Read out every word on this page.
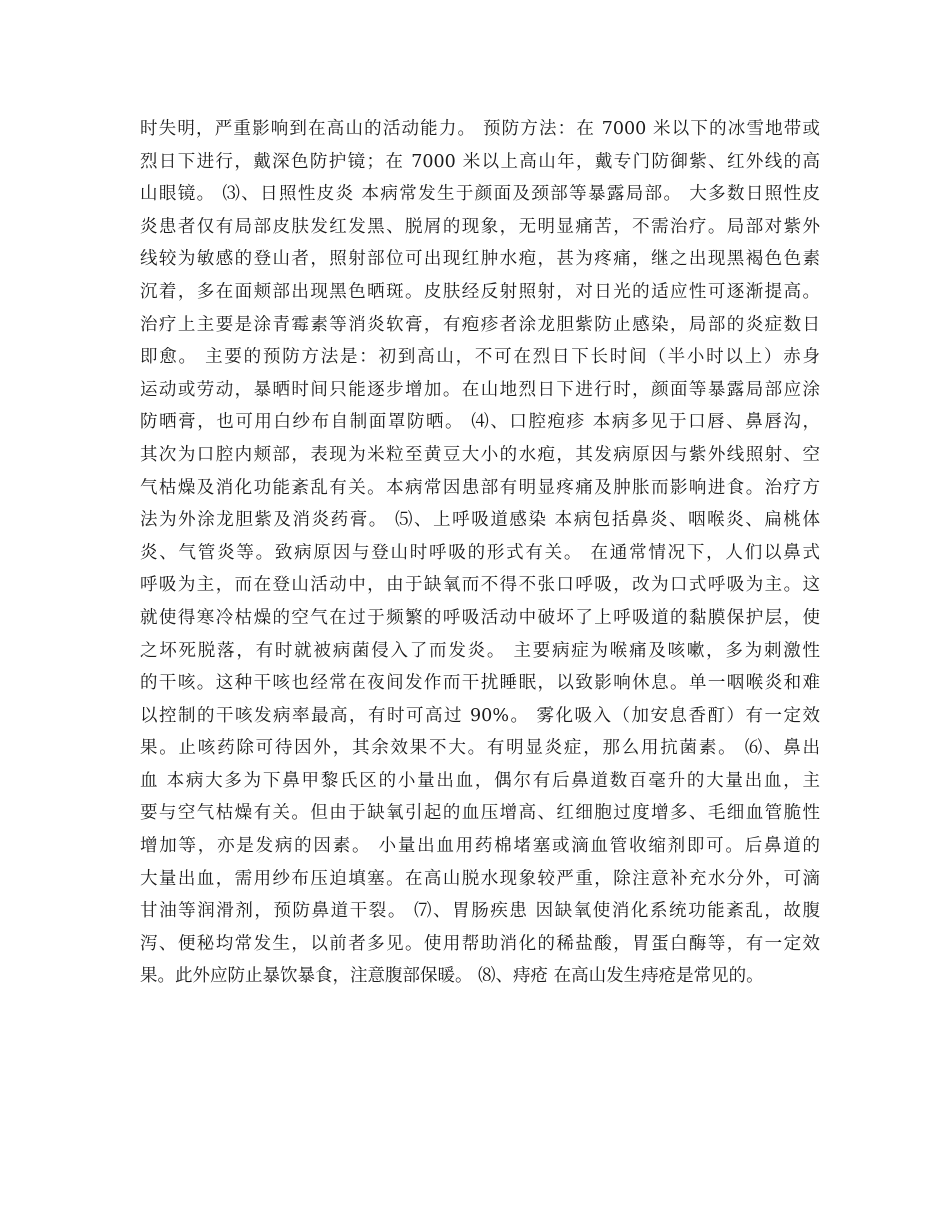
时失明，严重影响到在高山的活动能力。 预防方法：在 7000 米以下的冰雪地带或
烈日下进行，戴深色防护镜；在 7000 米以上高山年，戴专门防御紫、红外线的高
山眼镜。 ⑶、日照性皮炎 本病常发生于颜面及颈部等暴露局部。 大多数日照性皮
炎患者仅有局部皮肤发红发黑、脱屑的现象，无明显痛苦，不需治疗。局部对紫外
线较为敏感的登山者，照射部位可出现红肿水疱，甚为疼痛，继之出现黑褐色色素
沉着，多在面颊部出现黑色晒斑。皮肤经反射照射，对日光的适应性可逐渐提高。
治疗上主要是涂青霉素等消炎软膏，有疱疹者涂龙胆紫防止感染，局部的炎症数日
即愈。 主要的预防方法是：初到高山，不可在烈日下长时间（半小时以上）赤身
运动或劳动，暴晒时间只能逐步增加。在山地烈日下进行时，颜面等暴露局部应涂
防晒膏，也可用白纱布自制面罩防晒。 ⑷、口腔疱疹 本病多见于口唇、鼻唇沟，
其次为口腔内颊部，表现为米粒至黄豆大小的水疱，其发病原因与紫外线照射、空
气枯燥及消化功能紊乱有关。本病常因患部有明显疼痛及肿胀而影响进食。治疗方
法为外涂龙胆紫及消炎药膏。 ⑸、上呼吸道感染 本病包括鼻炎、咽喉炎、扁桃体
炎、气管炎等。致病原因与登山时呼吸的形式有关。 在通常情况下，人们以鼻式
呼吸为主，而在登山活动中，由于缺氧而不得不张口呼吸，改为口式呼吸为主。这
就使得寒冷枯燥的空气在过于频繁的呼吸活动中破坏了上呼吸道的黏膜保护层，使
之坏死脱落，有时就被病菌侵入了而发炎。 主要病症为喉痛及咳嗽，多为刺激性
的干咳。这种干咳也经常在夜间发作而干扰睡眠，以致影响休息。单一咽喉炎和难
以控制的干咳发病率最高，有时可高过 90%。 雾化吸入（加安息香酊）有一定效
果。止咳药除可待因外，其余效果不大。有明显炎症，那么用抗菌素。 ⑹、鼻出
血 本病大多为下鼻甲黎氏区的小量出血，偶尔有后鼻道数百毫升的大量出血，主
要与空气枯燥有关。但由于缺氧引起的血压增高、红细胞过度增多、毛细血管脆性
增加等，亦是发病的因素。 小量出血用药棉堵塞或滴血管收缩剂即可。后鼻道的
大量出血，需用纱布压迫填塞。在高山脱水现象较严重，除注意补充水分外，可滴
甘油等润滑剂，预防鼻道干裂。 ⑺、胃肠疾患 因缺氧使消化系统功能紊乱，故腹
泻、便秘均常发生，以前者多见。使用帮助消化的稀盐酸，胃蛋白酶等，有一定效
果。此外应防止暴饮暴食，注意腹部保暖。 ⑻、痔疮 在高山发生痔疮是常见的。
